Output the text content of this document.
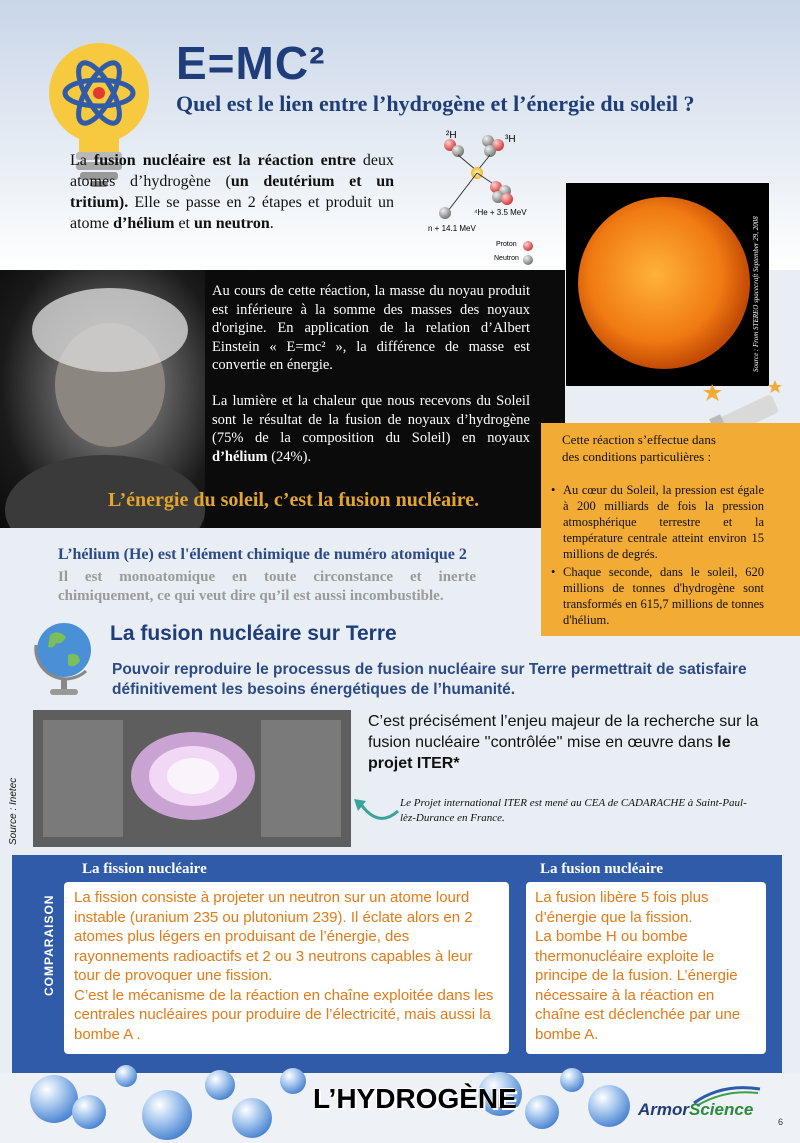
E=MC²
Quel est le lien entre l’hydrogène et l’énergie du soleil ?
La fusion nucléaire est la réaction entre deux atomes d’hydrogène (un deutérium et un tritium). Elle se passe en 2 étapes et produit un atome d’hélium et un neutron.
²H	³H
⁴He + 3.5 MeV
n + 14.1 MeV
Proton
Neutron	Source : From STEREO spacecraft September 29, 2008
Au cours de cette réaction, la masse du noyau produit est inférieure à la somme des masses des noyaux d'origine. En application de la relation d’Albert Einstein « E=mc² », la différence de masse est convertie en énergie.
La lumière et la chaleur que nous recevons du Soleil sont le résultat de la fusion de noyaux d’hydrogène (75% de la composition du Soleil) en noyaux d’hélium (24%).
L’énergie du soleil, c’est la fusion nucléaire.
Cette réaction s’effectue dans des conditions particulières :
• Au cœur du Soleil, la pression est égale à 200 milliards de fois la pression atmosphérique terrestre et la température centrale atteint environ 15 millions de degrés.
• Chaque seconde, dans le soleil, 620 millions de tonnes d'hydrogène sont transformés en 615,7 millions de tonnes d'hélium.
L’hélium (He) est l'élément chimique de numéro atomique 2
Il est monoatomique en toute circonstance et inerte chimiquement, ce qui veut dire qu’il est aussi incombustible.
La fusion nucléaire sur Terre
Pouvoir reproduire le processus de fusion nucléaire sur Terre permettrait de satisfaire définitivement les besoins énergétiques de l’humanité.
Source : Inetec
C’est précisément l’enjeu majeur de la recherche sur la fusion nucléaire ''contrôlée'' mise en œuvre dans le projet ITER*
Le Projet international ITER est mené au CEA de CADARACHE à Saint-Paul-lèz-Durance en France.
COMPARAISON
La fission nucléaire	La fusion nucléaire
La fission consiste à projeter un neutron sur un atome lourd instable (uranium 235 ou plutonium 239). Il éclate alors en 2 atomes plus légers en produisant de l’énergie, des rayonnements radioactifs et 2 ou 3 neutrons capables à leur tour de provoquer une fission.
C’est le mécanisme de la réaction en chaîne exploitée dans les centrales nucléaires pour produire de l’électricité, mais aussi la bombe A .
La fusion libère 5 fois plus d’énergie que la fission.
La bombe H ou bombe thermonucléaire exploite le principe de la fusion. L’énergie nécessaire à la réaction en chaîne est déclenchée par une bombe A.
L’HYDROGÈNE	ArmorScience
6
